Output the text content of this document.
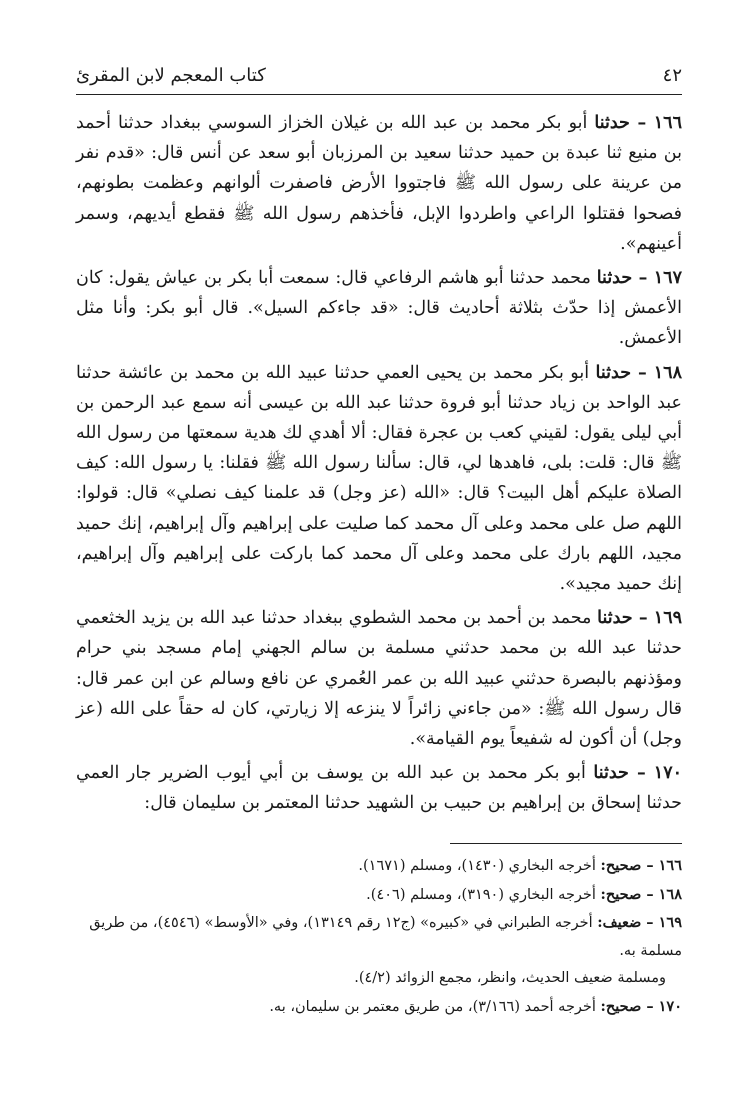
٤٢
كتاب المعجم لابن المقرئ

١٦٦ – حدثنا أبو بكر محمد بن عبد الله بن غيلان الخزاز السوسي ببغداد حدثنا أحمد بن منيع ثنا عبدة بن حميد حدثنا سعيد بن المرزبان أبو سعد عن أنس قال: «قدم نفر من عرينة على رسول الله ﷺ فاجتووا الأرض فاصفرت ألوانهم وعظمت بطونهم، فصحوا فقتلوا الراعي واطردوا الإبل، فأخذهم رسول الله ﷺ فقطع أيديهم، وسمر أعينهم».

١٦٧ – حدثنا محمد حدثنا أبو هاشم الرفاعي قال: سمعت أبا بكر بن عياش يقول: كان الأعمش إذا حدّث بثلاثة أحاديث قال: «قد جاءكم السيل». قال أبو بكر: وأنا مثل الأعمش.

١٦٨ – حدثنا أبو بكر محمد بن يحيى العمي حدثنا عبيد الله بن محمد بن عائشة حدثنا عبد الواحد بن زياد حدثنا أبو فروة حدثنا عبد الله بن عيسى أنه سمع عبد الرحمن بن أبي ليلى يقول: لقيني كعب بن عجرة فقال: ألا أهدي لك هدية سمعتها من رسول الله ﷺ قال: قلت: بلى، فاهدها لي، قال: سألنا رسول الله ﷺ فقلنا: يا رسول الله: كيف الصلاة عليكم أهل البيت؟ قال: «الله (عز وجل) قد علمنا كيف نصلي» قال: قولوا: اللهم صل على محمد وعلى آل محمد كما صليت على إبراهيم وآل إبراهيم، إنك حميد مجيد، اللهم بارك على محمد وعلى آل محمد كما باركت على إبراهيم وآل إبراهيم، إنك حميد مجيد».

١٦٩ – حدثنا محمد بن أحمد بن محمد الشطوي ببغداد حدثنا عبد الله بن يزيد الخثعمي حدثنا عبد الله بن محمد حدثني مسلمة بن سالم الجهني إمام مسجد بني حرام ومؤذنهم بالبصرة حدثني عبيد الله بن عمر العُمري عن نافع وسالم عن ابن عمر قال: قال رسول الله ﷺ: «من جاءني زائراً لا ينزعه إلا زيارتي، كان له حقاً على الله (عز وجل) أن أكون له شفيعاً يوم القيامة».

١٧٠ – حدثنا أبو بكر محمد بن عبد الله بن يوسف بن أبي أيوب الضرير جار العمي حدثنا إسحاق بن إبراهيم بن حبيب بن الشهيد حدثنا المعتمر بن سليمان قال:

١٦٦ – صحيح: أخرجه البخاري (١٤٣٠)، ومسلم (١٦٧١).

١٦٨ – صحيح: أخرجه البخاري (٣١٩٠)، ومسلم (٤٠٦).

١٦٩ – ضعيف: أخرجه الطبراني في «كبيره» (ج١٢ رقم ١٣١٤٩)، وفي «الأوسط» (٤٥٤٦)، من طريق مسلمة به.
ومسلمة ضعيف الحديث، وانظر، مجمع الزوائد (٤/٢).

١٧٠ – صحيح: أخرجه أحمد (٣/١٦٦)، من طريق معتمر بن سليمان، به.
